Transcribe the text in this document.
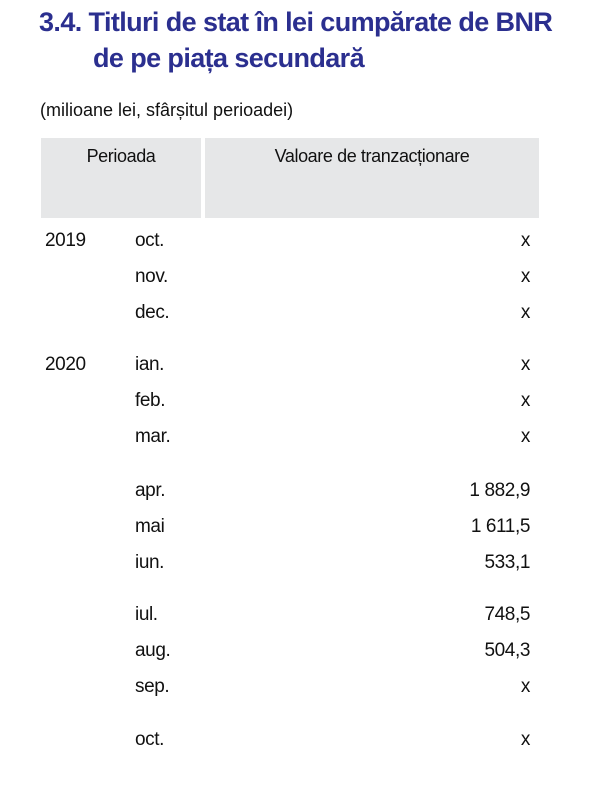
3.4. Titluri de stat în lei cumpărate de BNR
de pe piața secundară
(milioane lei, sfârșitul perioadei)
Perioada	Valoare de tranzacționare
2019	oct.	x
nov.	x
dec.	x
2020	ian.	x
feb.	x
mar.	x
apr.	1 882,9
mai	1 611,5
iun.	533,1
iul.	748,5
aug.	504,3
sep.	x
oct.	x
